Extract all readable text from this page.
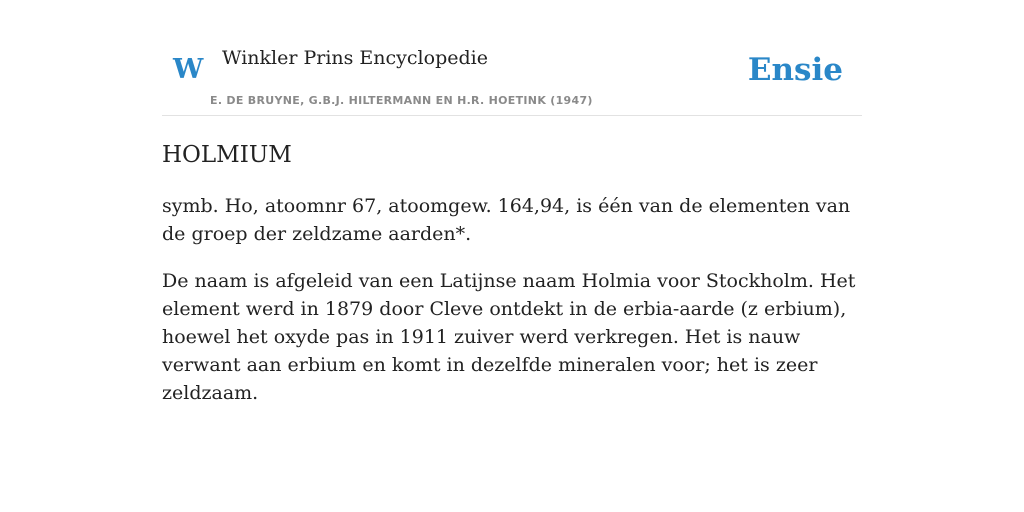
W Winkler Prins Encyclopedie
E. DE BRUYNE, G.B.J. HILTERMANN EN H.R. HOETINK (1947)
Ensie
HOLMIUM

symb. Ho, atoomnr 67, atoomgew. 164,94, is één van de elementen van de groep der zeldzame aarden*.

De naam is afgeleid van een Latijnse naam Holmia voor Stockholm. Het element werd in 1879 door Cleve ontdekt in de erbia-aarde (z erbium), hoewel het oxyde pas in 1911 zuiver werd verkregen. Het is nauw verwant aan erbium en komt in dezelfde mineralen voor; het is zeer zeldzaam.
